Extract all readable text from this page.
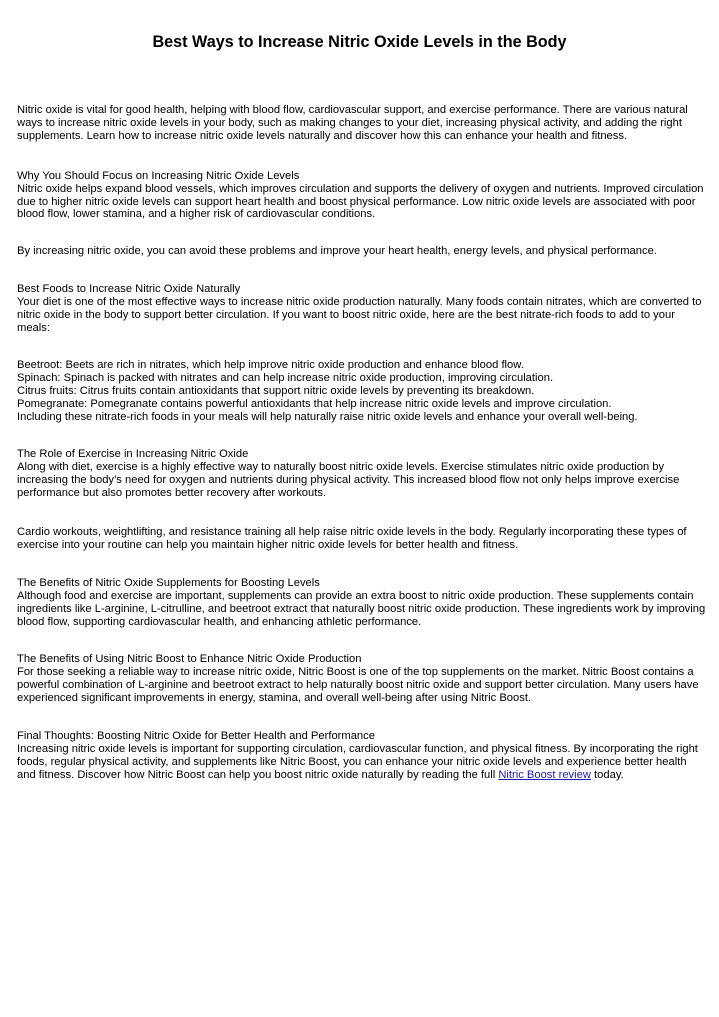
Best Ways to Increase Nitric Oxide Levels in the Body

Nitric oxide is vital for good health, helping with blood flow, cardiovascular support, and exercise performance. There are various natural ways to increase nitric oxide levels in your body, such as making changes to your diet, increasing physical activity, and adding the right supplements. Learn how to increase nitric oxide levels naturally and discover how this can enhance your health and fitness.

Why You Should Focus on Increasing Nitric Oxide Levels
Nitric oxide helps expand blood vessels, which improves circulation and supports the delivery of oxygen and nutrients. Improved circulation due to higher nitric oxide levels can support heart health and boost physical performance. Low nitric oxide levels are associated with poor blood flow, lower stamina, and a higher risk of cardiovascular conditions.

By increasing nitric oxide, you can avoid these problems and improve your heart health, energy levels, and physical performance.

Best Foods to Increase Nitric Oxide Naturally
Your diet is one of the most effective ways to increase nitric oxide production naturally. Many foods contain nitrates, which are converted to nitric oxide in the body to support better circulation. If you want to boost nitric oxide, here are the best nitrate-rich foods to add to your meals:
Beetroot: Beets are rich in nitrates, which help improve nitric oxide production and enhance blood flow.
Spinach: Spinach is packed with nitrates and can help increase nitric oxide production, improving circulation.
Citrus fruits: Citrus fruits contain antioxidants that support nitric oxide levels by preventing its breakdown.
Pomegranate: Pomegranate contains powerful antioxidants that help increase nitric oxide levels and improve circulation.
Including these nitrate-rich foods in your meals will help naturally raise nitric oxide levels and enhance your overall well-being.
The Role of Exercise in Increasing Nitric Oxide
Along with diet, exercise is a highly effective way to naturally boost nitric oxide levels. Exercise stimulates nitric oxide production by increasing the body’s need for oxygen and nutrients during physical activity. This increased blood flow not only helps improve exercise performance but also promotes better recovery after workouts.

Cardio workouts, weightlifting, and resistance training all help raise nitric oxide levels in the body. Regularly incorporating these types of exercise into your routine can help you maintain higher nitric oxide levels for better health and fitness.

The Benefits of Nitric Oxide Supplements for Boosting Levels
Although food and exercise are important, supplements can provide an extra boost to nitric oxide production. These supplements contain ingredients like L-arginine, L-citrulline, and beetroot extract that naturally boost nitric oxide production. These ingredients work by improving blood flow, supporting cardiovascular health, and enhancing athletic performance.
The Benefits of Using Nitric Boost to Enhance Nitric Oxide Production
For those seeking a reliable way to increase nitric oxide, Nitric Boost is one of the top supplements on the market. Nitric Boost contains a powerful combination of L-arginine and beetroot extract to help naturally boost nitric oxide and support better circulation. Many users have experienced significant improvements in energy, stamina, and overall well-being after using Nitric Boost.
Final Thoughts: Boosting Nitric Oxide for Better Health and Performance
Increasing nitric oxide levels is important for supporting circulation, cardiovascular function, and physical fitness. By incorporating the right foods, regular physical activity, and supplements like Nitric Boost, you can enhance your nitric oxide levels and experience better health and fitness. Discover how Nitric Boost can help you boost nitric oxide naturally by reading the full Nitric Boost review today.
